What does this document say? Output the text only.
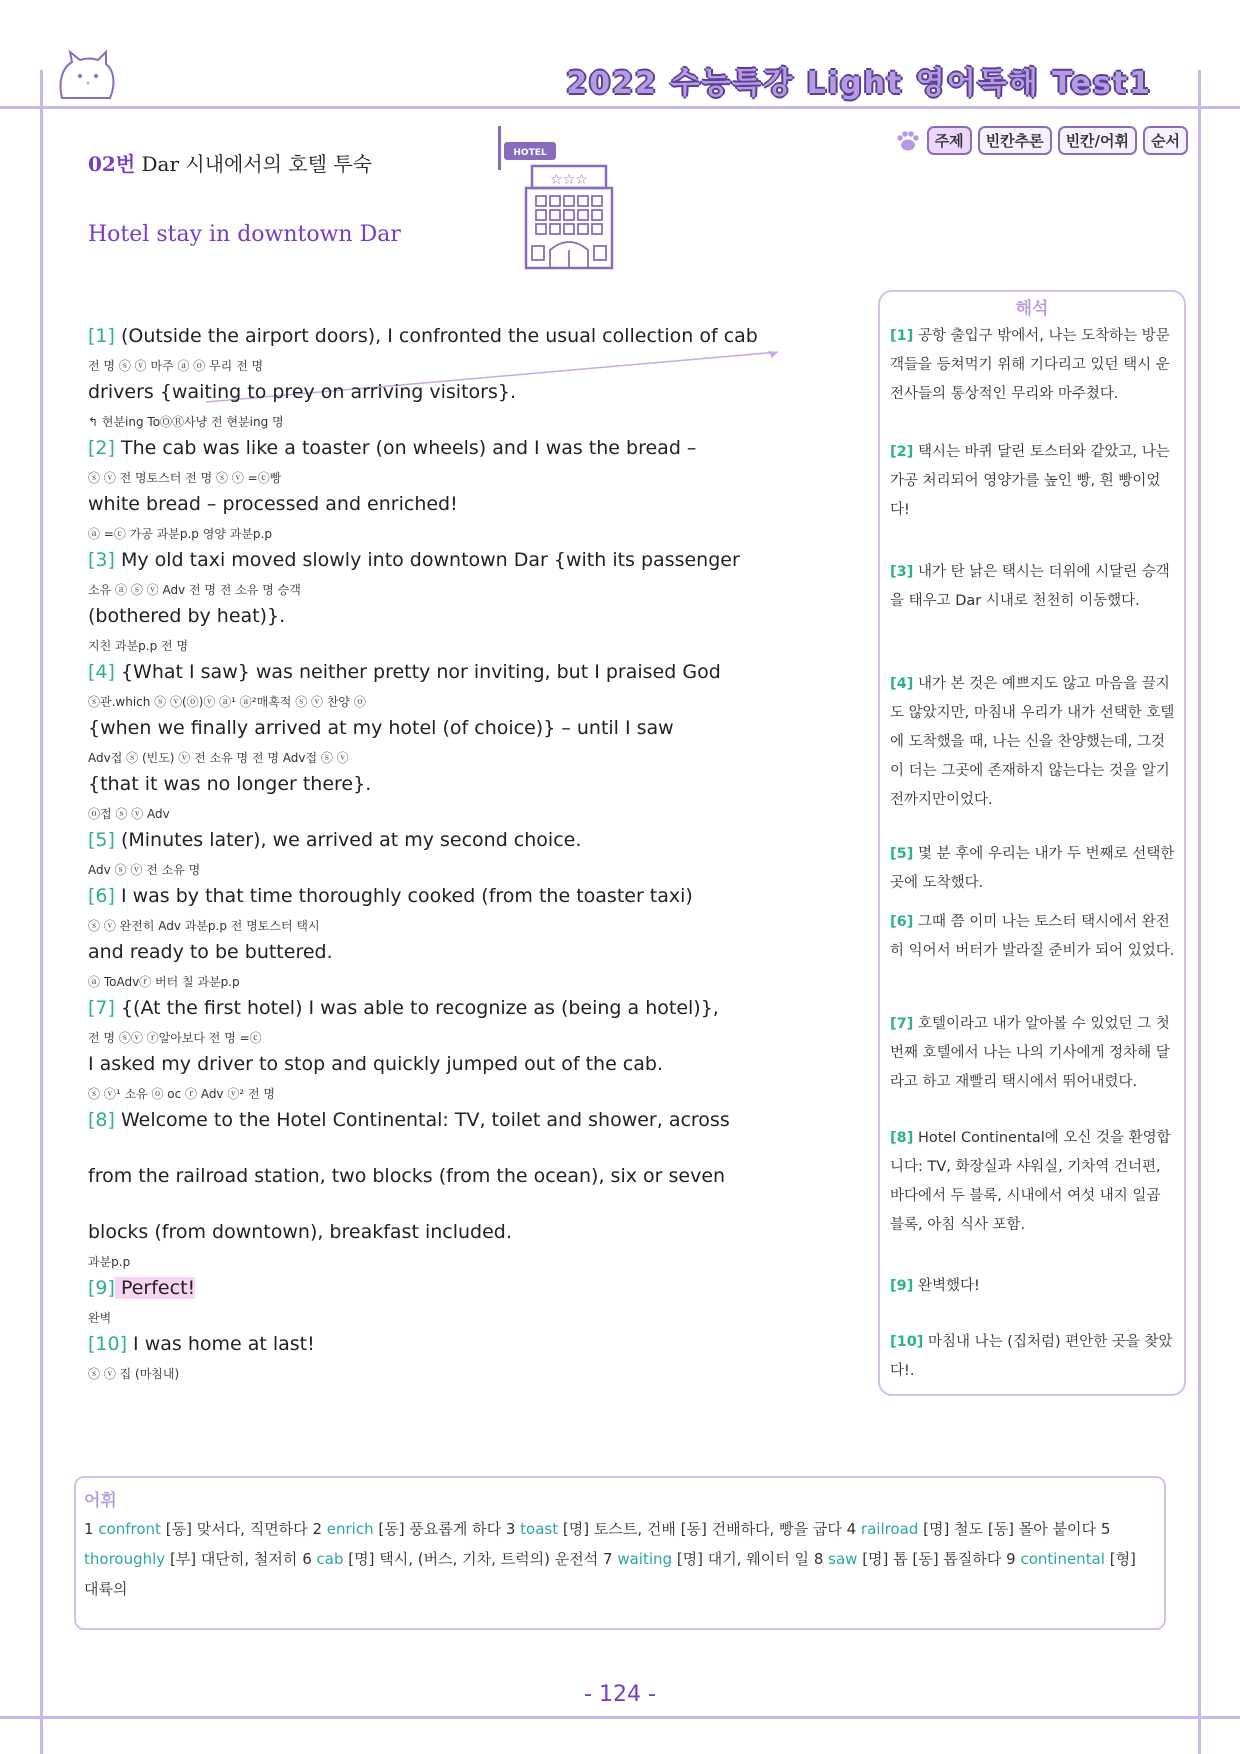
2022 수능특강 Light 영어독해 Test1
주제	빈칸추론	빈칸/어휘	순서
02번 Dar 시내에서의 호텔 투숙
Hotel stay in downtown Dar
HOTEL
☆☆☆
[1] (Outside the airport doors), I confronted the usual collection of cab
전 명 ⓢ ⓥ 마주 ⓐ ⓞ 무리 전 명
drivers {waiting to prey on arriving visitors}.
↰ 현분ing ToⓄⓇ사냥 전 현분ing 명
[2] The cab was like a toaster (on wheels) and I was the bread –
ⓢ ⓥ 전 명토스터 전 명 ⓢ ⓥ =ⓒ빵
white bread – processed and enriched!
ⓐ =ⓒ 가공 과분p.p 영양 과분p.p
[3] My old taxi moved slowly into downtown Dar {with its passenger
소유 ⓐ ⓢ ⓥ Adv 전 명 전 소유 명 승객
(bothered by heat)}.
지친 과분p.p 전 명
[4] {What I saw} was neither pretty nor inviting, but I praised God
ⓢ관.which ⓢ ⓥ(ⓞ)ⓥ ⓐ¹ ⓐ²매혹적 ⓢ ⓥ 찬양 ⓞ
{when we finally arrived at my hotel (of choice)} – until I saw
Adv접 ⓢ (빈도) ⓥ 전 소유 명 전 명 Adv접 ⓢ ⓥ
{that it was no longer there}.
ⓞ접 ⓢ ⓥ Adv
[5] (Minutes later), we arrived at my second choice.
Adv ⓢ ⓥ 전 소유 명
[6] I was by that time thoroughly cooked (from the toaster taxi)
ⓢ ⓥ 완전히 Adv 과분p.p 전 명토스터 택시
and ready to be buttered.
ⓐ ToAdvⓡ 버터 칠 과분p.p
[7] {(At the first hotel) I was able to recognize as (being a hotel)},
전 명 ⓢⓥ ⓡ알아보다 전 명 =ⓒ
I asked my driver to stop and quickly jumped out of the cab.
ⓢ ⓥ¹ 소유 ⓞ oc ⓡ Adv ⓥ² 전 명
[8] Welcome to the Hotel Continental: TV, toilet and shower, across
from the railroad station, two blocks (from the ocean), six or seven
blocks (from downtown), breakfast included.
과분p.p
[9] Perfect!
완벽
[10] I was home at last!
ⓢ ⓥ 집 (마침내)
해석
[1] 공항 출입구 밖에서, 나는 도착하는 방문객들을 등쳐먹기 위해 기다리고 있던 택시 운전사들의 통상적인 무리와 마주쳤다.
[2] 택시는 바퀴 달린 토스터와 같았고, 나는 가공 처리되어 영양가를 높인 빵, 흰 빵이었다!
[3] 내가 탄 낡은 택시는 더위에 시달린 승객을 태우고 Dar 시내로 천천히 이동했다.
[4] 내가 본 것은 예쁘지도 않고 마음을 끌지도 않았지만, 마침내 우리가 내가 선택한 호텔에 도착했을 때, 나는 신을 찬양했는데, 그것이 더는 그곳에 존재하지 않는다는 것을 알기 전까지만이었다.
[5] 몇 분 후에 우리는 내가 두 번째로 선택한 곳에 도착했다.
[6] 그때 쯤 이미 나는 토스터 택시에서 완전히 익어서 버터가 발라질 준비가 되어 있었다.
[7] 호텔이라고 내가 알아볼 수 있었던 그 첫 번째 호텔에서 나는 나의 기사에게 정차해 달라고 하고 재빨리 택시에서 뛰어내렸다.
[8] Hotel Continental에 오신 것을 환영합니다: TV, 화장실과 샤워실, 기차역 건너편, 바다에서 두 블록, 시내에서 여섯 내지 일곱 블록, 아침 식사 포함.
[9] 완벽했다!
[10] 마침내 나는 (집처럼) 편안한 곳을 찾았다!.
어휘
1 confront [동] 맞서다, 직면하다 2 enrich [동] 풍요롭게 하다 3 toast [명] 토스트, 건배 [동] 건배하다, 빵을 굽다 4 railroad [명] 철도 [동] 몰아 붙이다 5 thoroughly [부] 대단히, 철저히 6 cab [명] 택시, (버스, 기차, 트럭의) 운전석 7 waiting [명] 대기, 웨이터 일 8 saw [명] 톱 [동] 톱질하다 9 continental [형] 대륙의
- 124 -
